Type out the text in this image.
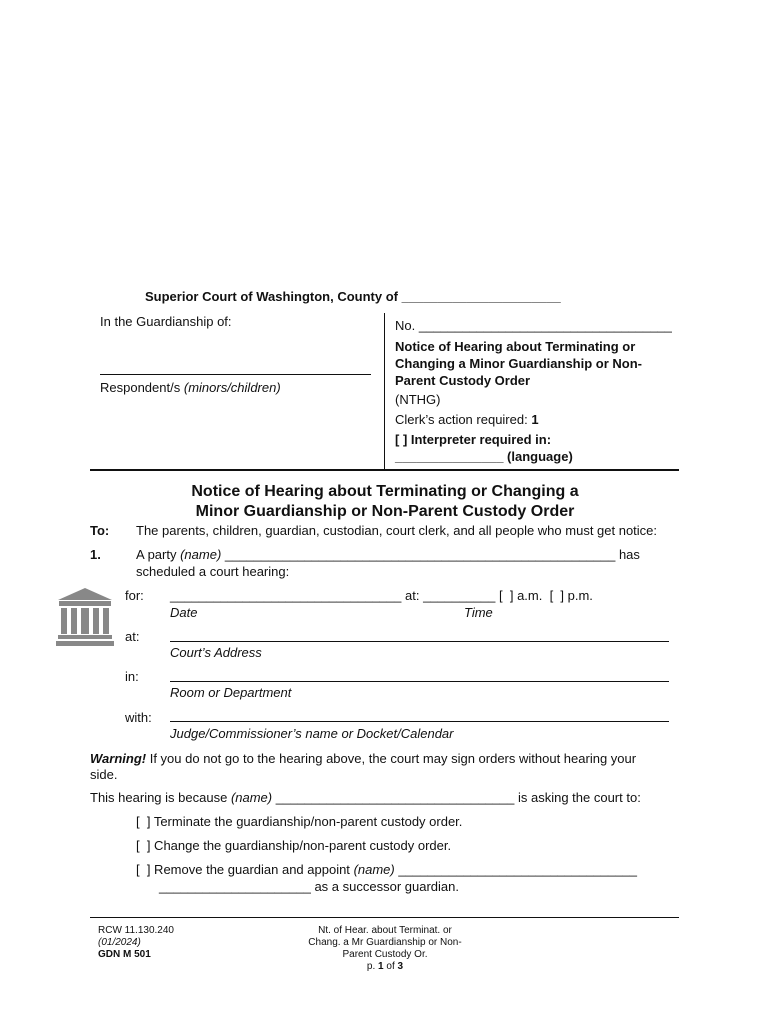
Superior Court of Washington, County of ______________________
In the Guardianship of:
Respondent/s (minors/children)
No. ___________________________________
Notice of Hearing about Terminating or
Changing a Minor Guardianship or Non-
Parent Custody Order
(NTHG)
Clerk’s action required: 1
[ ] Interpreter required in:
_______________ (language)
Notice of Hearing about Terminating or Changing a
Minor Guardianship or Non-Parent Custody Order
To: The parents, children, guardian, custodian, court clerk, and all people who must get notice:
1.	A party (name) ______________________________________________________ has
scheduled a court hearing:
for: ________________________________ at: __________ [  ] a.m.  [  ] p.m.
Date	Time
at:
Court’s Address
in:
Room or Department
with:
Judge/Commissioner’s name or Docket/Calendar
Warning! If you do not go to the hearing above, the court may sign orders without hearing your
side.
This hearing is because (name) _________________________________ is asking the court to:
[  ] Terminate the guardianship/non-parent custody order.
[  ] Change the guardianship/non-parent custody order.
[  ] Remove the guardian and appoint (name) _________________________________
_____________________ as a successor guardian.
RCW 11.130.240
(01/2024)
GDN M 501
Nt. of Hear. about Terminat. or
Chang. a Mr Guardianship or Non-
Parent Custody Or.
p. 1 of 3
